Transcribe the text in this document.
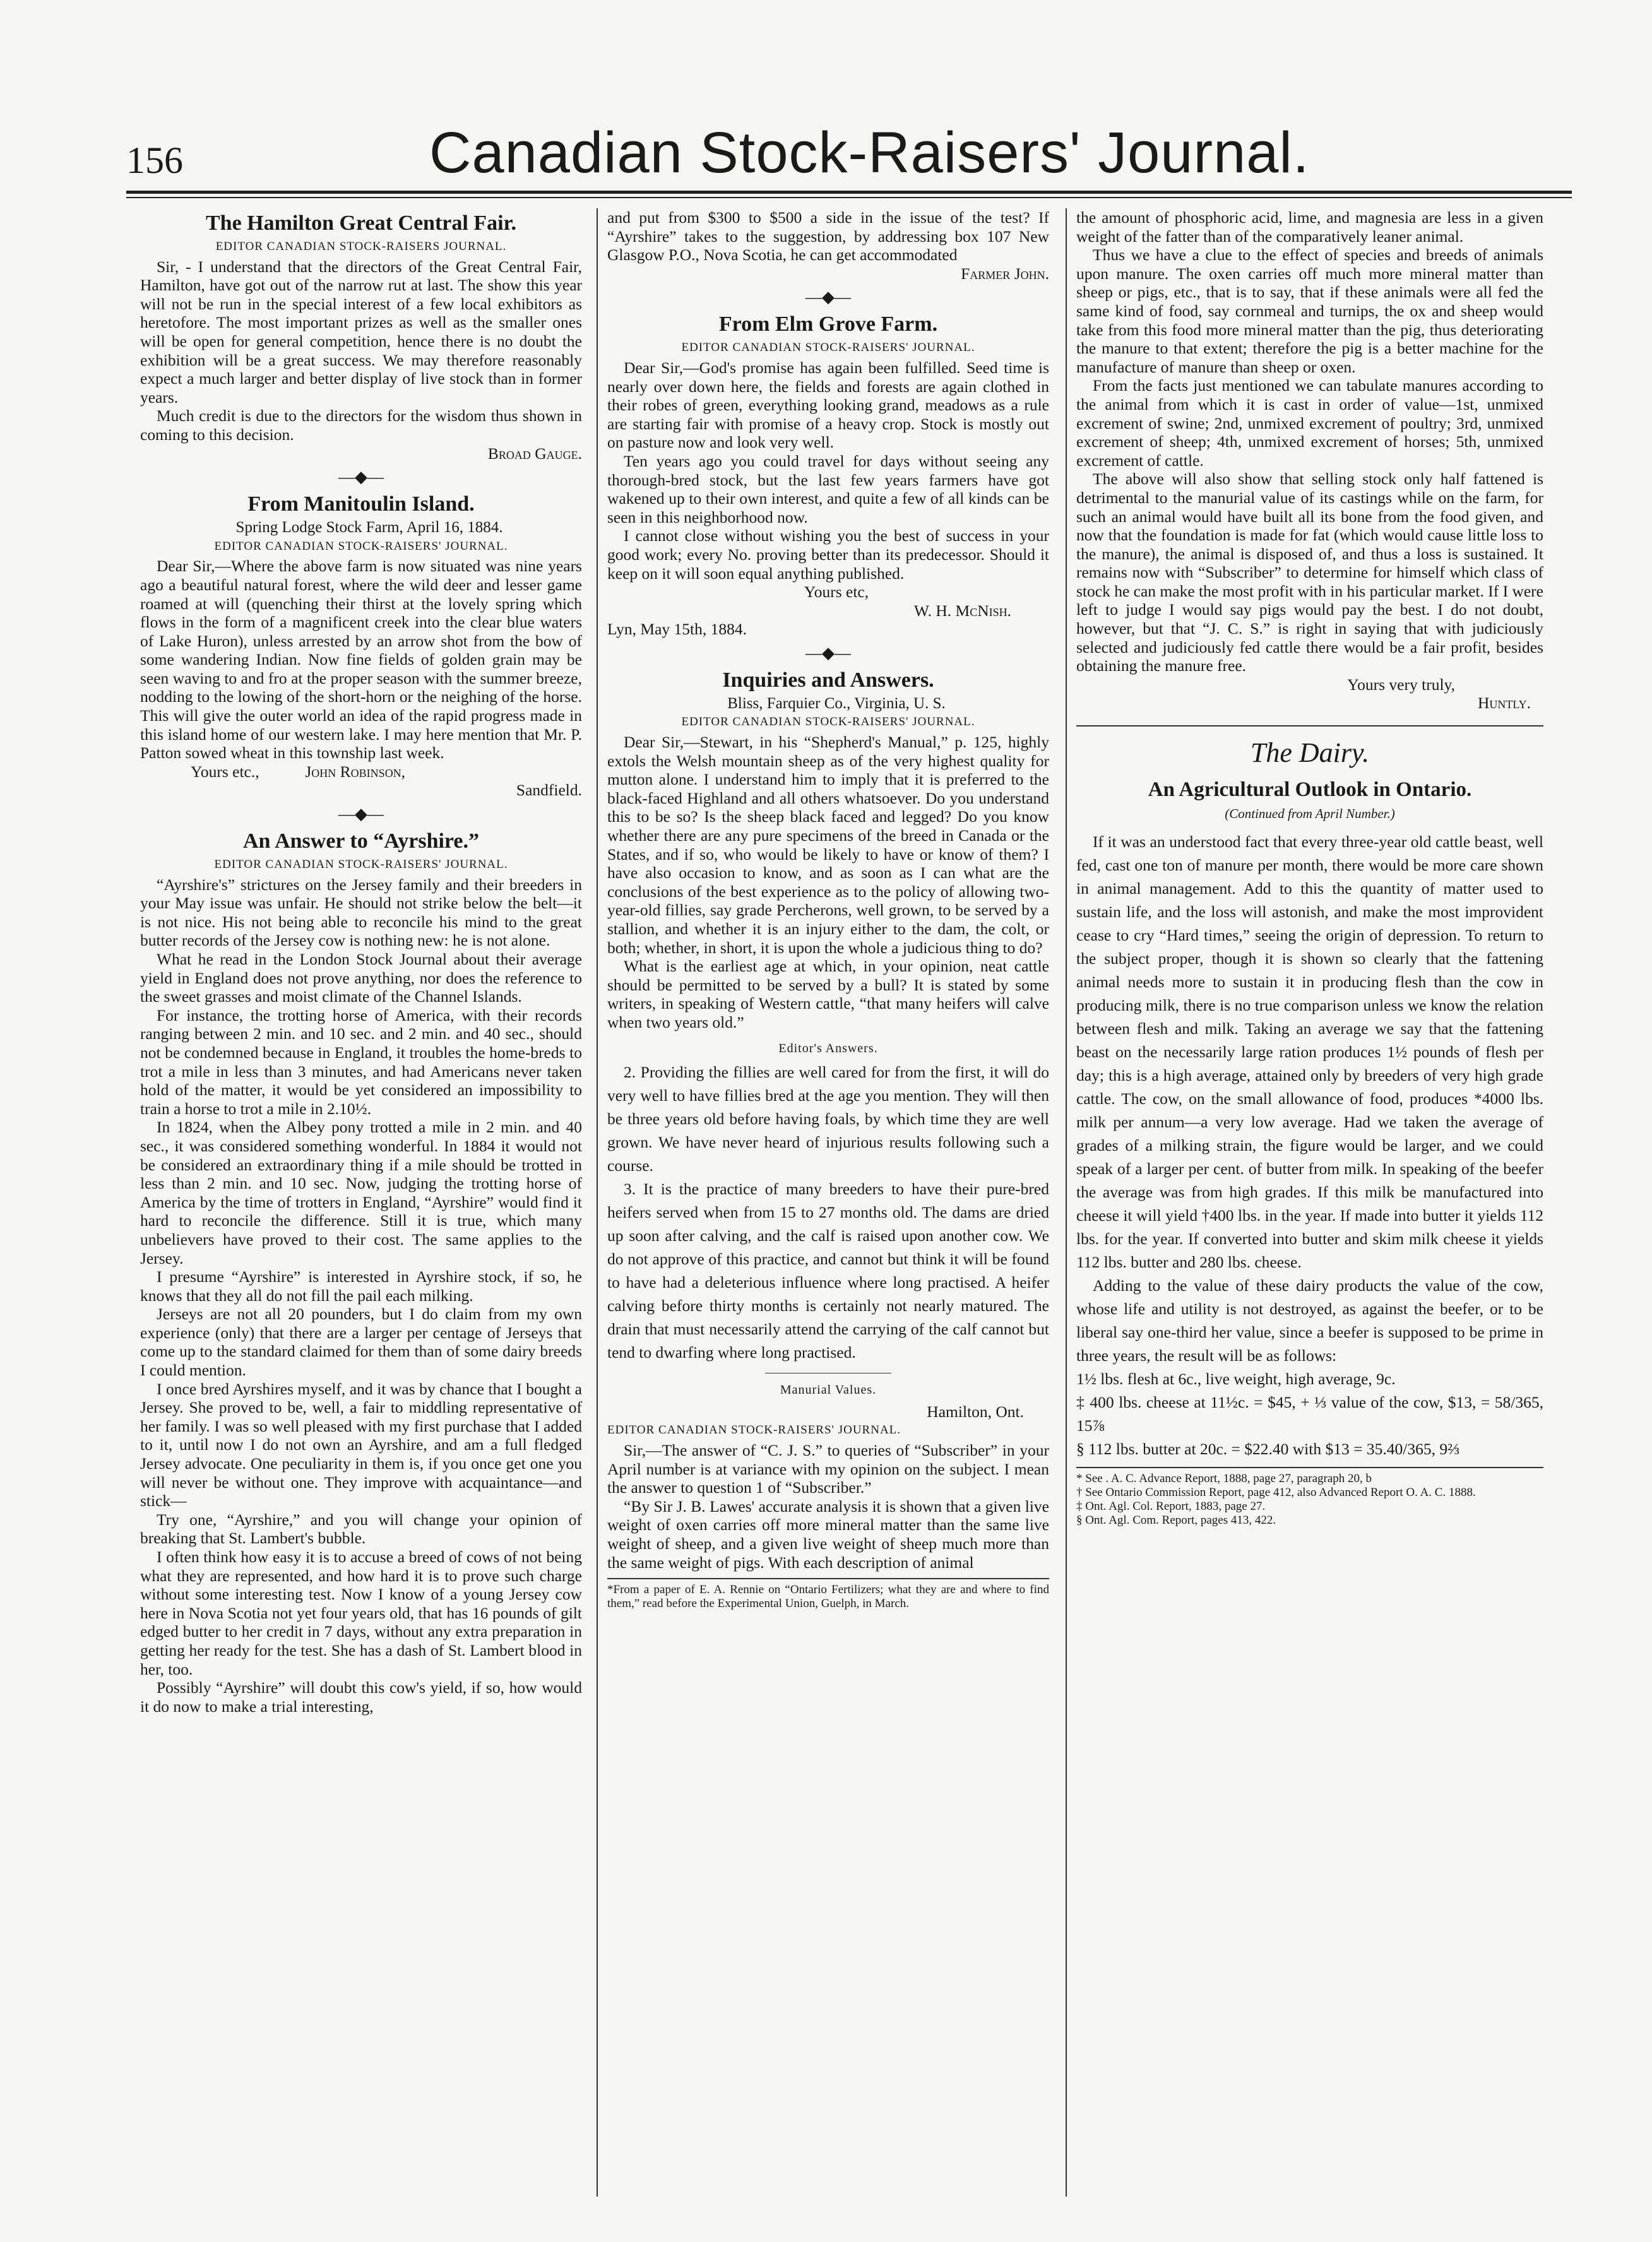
156	Canadian Stock-Raisers' Journal.
The Hamilton Great Central Fair.
EDITOR CANADIAN STOCK-RAISERS JOURNAL.

Sir, - I understand that the directors of the Great Central Fair, Hamilton, have got out of the narrow rut at last. The show this year will not be run in the special interest of a few local exhibitors as heretofore. The most important prizes as well as the smaller ones will be open for general competition, hence there is no doubt the exhibition will be a great success. We may therefore reasonably expect a much larger and better display of live stock than in former years.

Much credit is due to the directors for the wisdom thus shown in coming to this decision.

Broad Gauge.

—◆—
From Manitoulin Island.

Spring Lodge Stock Farm, April 16, 1884.

EDITOR CANADIAN STOCK-RAISERS' JOURNAL.

Dear Sir,—Where the above farm is now situated was nine years ago a beautiful natural forest, where the wild deer and lesser game roamed at will (quenching their thirst at the lovely spring which flows in the form of a magnificent creek into the clear blue waters of Lake Huron), unless arrested by an arrow shot from the bow of some wandering Indian. Now fine fields of golden grain may be seen waving to and fro at the proper season with the summer breeze, nodding to the lowing of the short-horn or the neighing of the horse. This will give the outer world an idea of the rapid progress made in this island home of our western lake. I may here mention that Mr. P. Patton sowed wheat in this township last week.

Yours etc.,	John Robinson,

Sandfield.

—◆—
An Answer to “Ayrshire.”
EDITOR CANADIAN STOCK-RAISERS' JOURNAL.

“Ayrshire's” strictures on the Jersey family and their breeders in your May issue was unfair. He should not strike below the belt—it is not nice. His not being able to reconcile his mind to the great butter records of the Jersey cow is nothing new: he is not alone.

What he read in the London Stock Journal about their average yield in England does not prove anything, nor does the reference to the sweet grasses and moist climate of the Channel Islands.

For instance, the trotting horse of America, with their records ranging between 2 min. and 10 sec. and 2 min. and 40 sec., should not be condemned because in England, it troubles the home-breds to trot a mile in less than 3 minutes, and had Americans never taken hold of the matter, it would be yet considered an impossibility to train a horse to trot a mile in 2.10½.

In 1824, when the Albey pony trotted a mile in 2 min. and 40 sec., it was considered something wonderful. In 1884 it would not be considered an extraordinary thing if a mile should be trotted in less than 2 min. and 10 sec. Now, judging the trotting horse of America by the time of trotters in England, “Ayrshire” would find it hard to reconcile the difference. Still it is true, which many unbelievers have proved to their cost. The same applies to the Jersey.

I presume “Ayrshire” is interested in Ayrshire stock, if so, he knows that they all do not fill the pail each milking.

Jerseys are not all 20 pounders, but I do claim from my own experience (only) that there are a larger per centage of Jerseys that come up to the standard claimed for them than of some dairy breeds I could mention.

I once bred Ayrshires myself, and it was by chance that I bought a Jersey. She proved to be, well, a fair to middling representative of her family. I was so well pleased with my first purchase that I added to it, until now I do not own an Ayrshire, and am a full fledged Jersey advocate. One peculiarity in them is, if you once get one you will never be without one. They improve with acquaintance—and stick—

Try one, “Ayrshire,” and you will change your opinion of breaking that St. Lambert's bubble.

I often think how easy it is to accuse a breed of cows of not being what they are represented, and how hard it is to prove such charge without some interesting test. Now I know of a young Jersey cow here in Nova Scotia not yet four years old, that has 16 pounds of gilt edged butter to her credit in 7 days, without any extra preparation in getting her ready for the test. She has a dash of St. Lambert blood in her, too.

Possibly “Ayrshire” will doubt this cow's yield, if so, how would it do now to make a trial interesting,

and put from $300 to $500 a side in the issue of the test? If “Ayrshire” takes to the suggestion, by addressing box 107 New Glasgow P.O., Nova Scotia, he can get accommodated

Farmer John.

—◆—
From Elm Grove Farm.
EDITOR CANADIAN STOCK-RAISERS' JOURNAL.

Dear Sir,—God's promise has again been fulfilled. Seed time is nearly over down here, the fields and forests are again clothed in their robes of green, everything looking grand, meadows as a rule are starting fair with promise of a heavy crop. Stock is mostly out on pasture now and look very well.

Ten years ago you could travel for days without seeing any thorough-bred stock, but the last few years farmers have got wakened up to their own interest, and quite a few of all kinds can be seen in this neighborhood now.

I cannot close without wishing you the best of success in your good work; every No. proving better than its predecessor. Should it keep on it will soon equal anything published.

Yours etc,

W. H. McNish.

Lyn, May 15th, 1884.

—◆—
Inquiries and Answers.

Bliss, Farquier Co., Virginia, U. S.

EDITOR CANADIAN STOCK-RAISERS' JOURNAL.

Dear Sir,—Stewart, in his “Shepherd's Manual,” p. 125, highly extols the Welsh mountain sheep as of the very highest quality for mutton alone. I understand him to imply that it is preferred to the black-faced Highland and all others whatsoever. Do you understand this to be so? Is the sheep black faced and legged? Do you know whether there are any pure specimens of the breed in Canada or the States, and if so, who would be likely to have or know of them? I have also occasion to know, and as soon as I can what are the conclusions of the best experience as to the policy of allowing two-year-old fillies, say grade Percherons, well grown, to be served by a stallion, and whether it is an injury either to the dam, the colt, or both; whether, in short, it is upon the whole a judicious thing to do?

What is the earliest age at which, in your opinion, neat cattle should be permitted to be served by a bull? It is stated by some writers, in speaking of Western cattle, “that many heifers will calve when two years old.”

Editor's Answers.

2. Providing the fillies are well cared for from the first, it will do very well to have fillies bred at the age you mention. They will then be three years old before having foals, by which time they are well grown. We have never heard of injurious results following such a course.

3. It is the practice of many breeders to have their pure-bred heifers served when from 15 to 27 months old. The dams are dried up soon after calving, and the calf is raised upon another cow. We do not approve of this practice, and cannot but think it will be found to have had a deleterious influence where long practised. A heifer calving before thirty months is certainly not nearly matured. The drain that must necessarily attend the carrying of the calf cannot but tend to dwarfing where long practised.

Manurial Values.

Hamilton, Ont.

EDITOR CANADIAN STOCK-RAISERS' JOURNAL.

Sir,—The answer of “C. J. S.” to queries of “Subscriber” in your April number is at variance with my opinion on the subject. I mean the answer to question 1 of “Subscriber.”

“By Sir J. B. Lawes' accurate analysis it is shown that a given live weight of oxen carries off more mineral matter than the same live weight of sheep, and a given live weight of sheep much more than the same weight of pigs. With each description of animal

*From a paper of E. A. Rennie on “Ontario Fertilizers; what they are and where to find them,” read before the Experimental Union, Guelph, in March.

the amount of phosphoric acid, lime, and magnesia are less in a given weight of the fatter than of the comparatively leaner animal.

Thus we have a clue to the effect of species and breeds of animals upon manure. The oxen carries off much more mineral matter than sheep or pigs, etc., that is to say, that if these animals were all fed the same kind of food, say cornmeal and turnips, the ox and sheep would take from this food more mineral matter than the pig, thus deteriorating the manure to that extent; therefore the pig is a better machine for the manufacture of manure than sheep or oxen.

From the facts just mentioned we can tabulate manures according to the animal from which it is cast in order of value—1st, unmixed excrement of swine; 2nd, unmixed excrement of poultry; 3rd, unmixed excrement of sheep; 4th, unmixed excrement of horses; 5th, unmixed excrement of cattle.

The above will also show that selling stock only half fattened is detrimental to the manurial value of its castings while on the farm, for such an animal would have built all its bone from the food given, and now that the foundation is made for fat (which would cause little loss to the manure), the animal is disposed of, and thus a loss is sustained. It remains now with “Subscriber” to determine for himself which class of stock he can make the most profit with in his particular market. If I were left to judge I would say pigs would pay the best. I do not doubt, however, but that “J. C. S.” is right in saying that with judiciously selected and judiciously fed cattle there would be a fair profit, besides obtaining the manure free.

Yours very truly,

Huntly.

The Dairy.
An Agricultural Outlook in Ontario.
(Continued from April Number.)

If it was an understood fact that every three-year old cattle beast, well fed, cast one ton of manure per month, there would be more care shown in animal management. Add to this the quantity of matter used to sustain life, and the loss will astonish, and make the most improvident cease to cry “Hard times,” seeing the origin of depression. To return to the subject proper, though it is shown so clearly that the fattening animal needs more to sustain it in producing flesh than the cow in producing milk, there is no true comparison unless we know the relation between flesh and milk. Taking an average we say that the fattening beast on the necessarily large ration produces 1½ pounds of flesh per day; this is a high average, attained only by breeders of very high grade cattle. The cow, on the small allowance of food, produces *4000 lbs. milk per annum—a very low average. Had we taken the average of grades of a milking strain, the figure would be larger, and we could speak of a larger per cent. of butter from milk. In speaking of the beefer the average was from high grades. If this milk be manufactured into cheese it will yield †400 lbs. in the year. If made into butter it yields 112 lbs. for the year. If converted into butter and skim milk cheese it yields 112 lbs. butter and 280 lbs. cheese.

Adding to the value of these dairy products the value of the cow, whose life and utility is not destroyed, as against the beefer, or to be liberal say one-third her value, since a beefer is supposed to be prime in three years, the result will be as follows:

1½ lbs. flesh at 6c., live weight, high average, 9c.

‡ 400 lbs. cheese at 11½c. = $45, + ⅓ value of the cow, $13, = 58/365, 15⅞

§ 112 lbs. butter at 20c. = $22.40 with $13 = 35.40/365, 9⅔

* See . A. C. Advance Report, 1888, page 27, paragraph 20, b
† See Ontario Commission Report, page 412, also Advanced Report O. A. C. 1888.
‡ Ont. Agl. Col. Report, 1883, page 27.
§ Ont. Agl. Com. Report, pages 413, 422.
